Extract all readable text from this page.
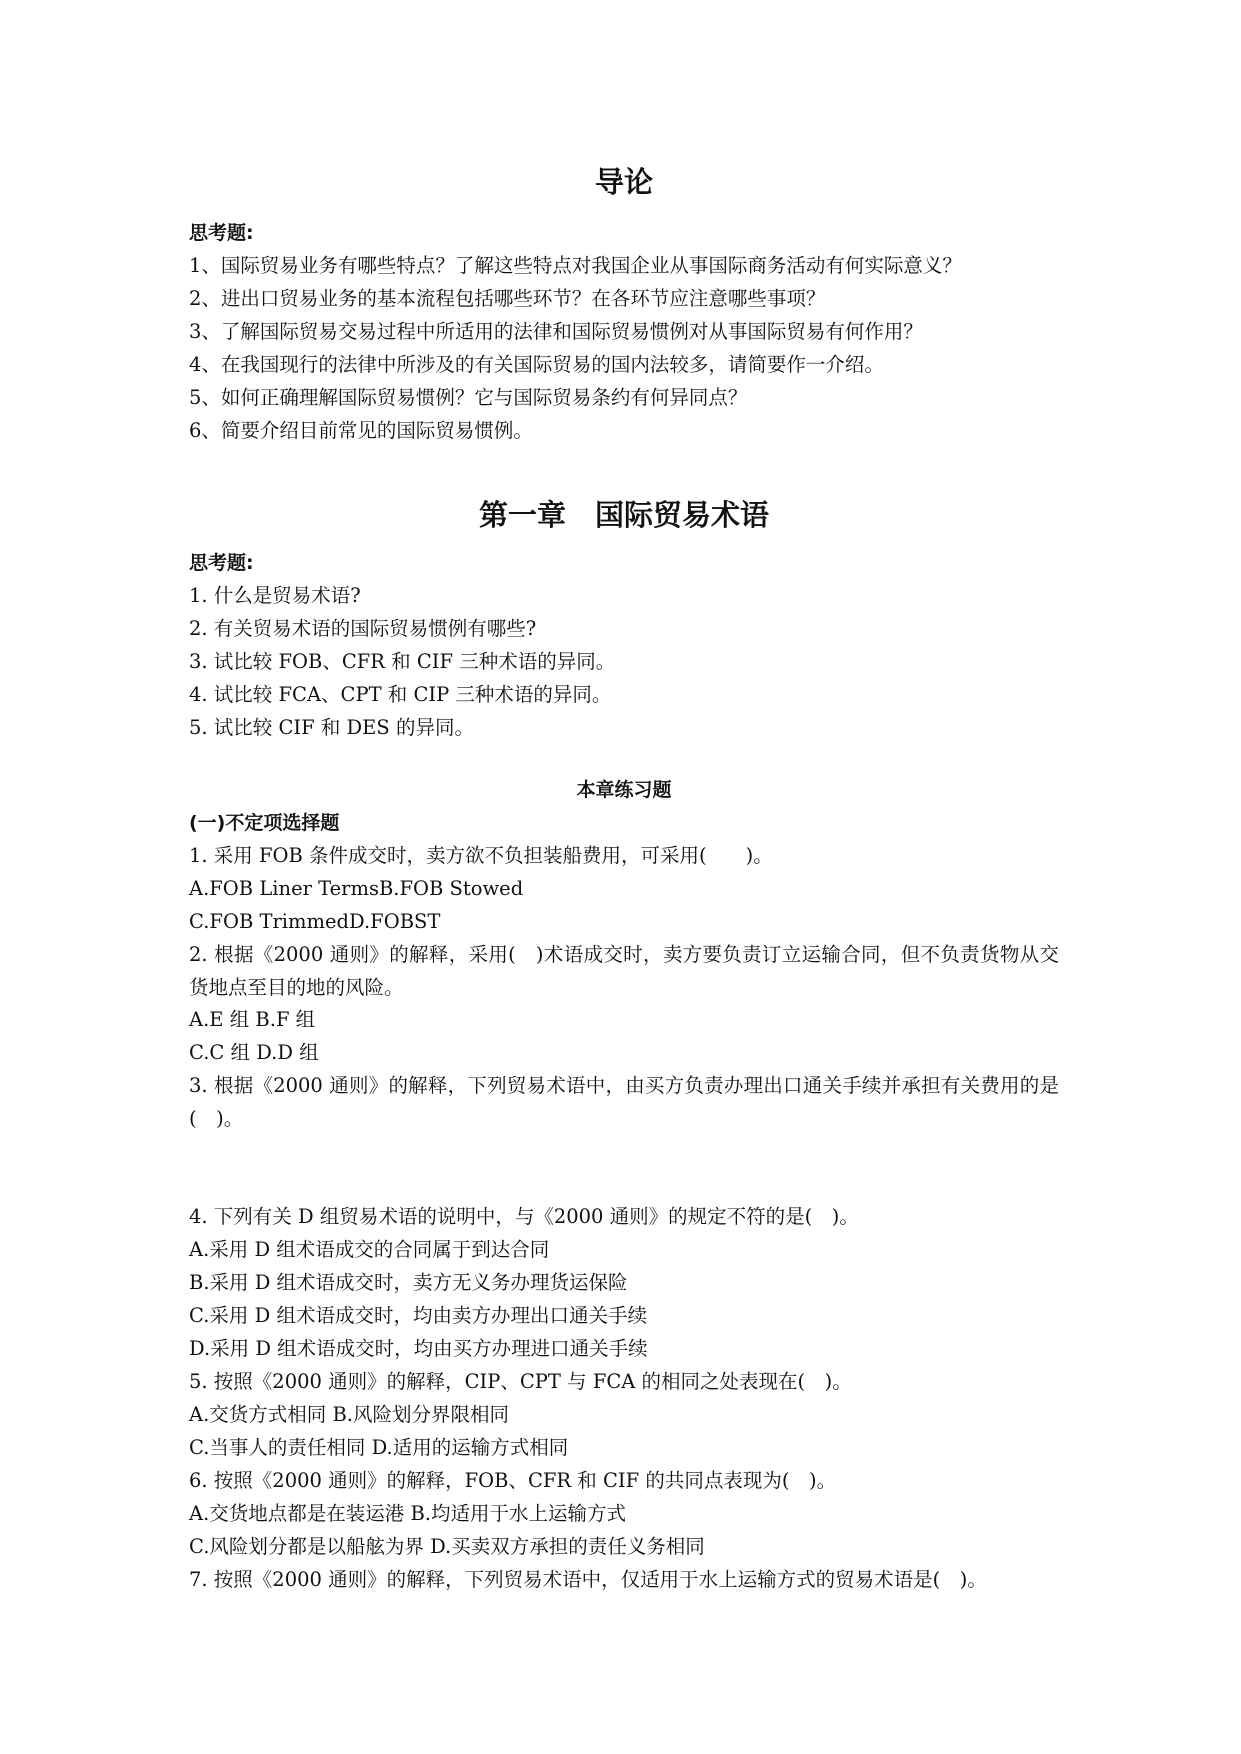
导论

思考题:

1、国际贸易业务有哪些特点？了解这些特点对我国企业从事国际商务活动有何实际意义？

2、进出口贸易业务的基本流程包括哪些环节？在各环节应注意哪些事项？

3、了解国际贸易交易过程中所适用的法律和国际贸易惯例对从事国际贸易有何作用？

4、在我国现行的法律中所涉及的有关国际贸易的国内法较多，请简要作一介绍。

5、如何正确理解国际贸易惯例？它与国际贸易条约有何异同点？

6、简要介绍目前常见的国际贸易惯例。

第一章　国际贸易术语

思考题:

1. 什么是贸易术语?

2. 有关贸易术语的国际贸易惯例有哪些?

3. 试比较 FOB、CFR 和 CIF 三种术语的异同。

4. 试比较 FCA、CPT 和 CIP 三种术语的异同。

5. 试比较 CIF 和 DES 的异同。

本章练习题

(一)不定项选择题

1. 采用 FOB 条件成交时，卖方欲不负担装船费用，可采用(　　)。

A.FOB Liner TermsB.FOB Stowed

C.FOB TrimmedD.FOBST

2. 根据《2000 通则》的解释，采用(　)术语成交时，卖方要负责订立运输合同，但不负责货物从交货地点至目的地的风险。

A.E 组 B.F 组

C.C 组 D.D 组

3. 根据《2000 通则》的解释，下列贸易术语中，由买方负责办理出口通关手续并承担有关费用的是(　)。

4. 下列有关 D 组贸易术语的说明中，与《2000 通则》的规定不符的是(　)。

A.采用 D 组术语成交的合同属于到达合同

B.采用 D 组术语成交时，卖方无义务办理货运保险

C.采用 D 组术语成交时，均由卖方办理出口通关手续

D.采用 D 组术语成交时，均由买方办理进口通关手续

5. 按照《2000 通则》的解释，CIP、CPT 与 FCA 的相同之处表现在(　)。

A.交货方式相同 B.风险划分界限相同

C.当事人的责任相同 D.适用的运输方式相同

6. 按照《2000 通则》的解释，FOB、CFR 和 CIF 的共同点表现为(　)。

A.交货地点都是在装运港 B.均适用于水上运输方式

C.风险划分都是以船舷为界 D.买卖双方承担的责任义务相同

7. 按照《2000 通则》的解释，下列贸易术语中，仅适用于水上运输方式的贸易术语是(　)。
